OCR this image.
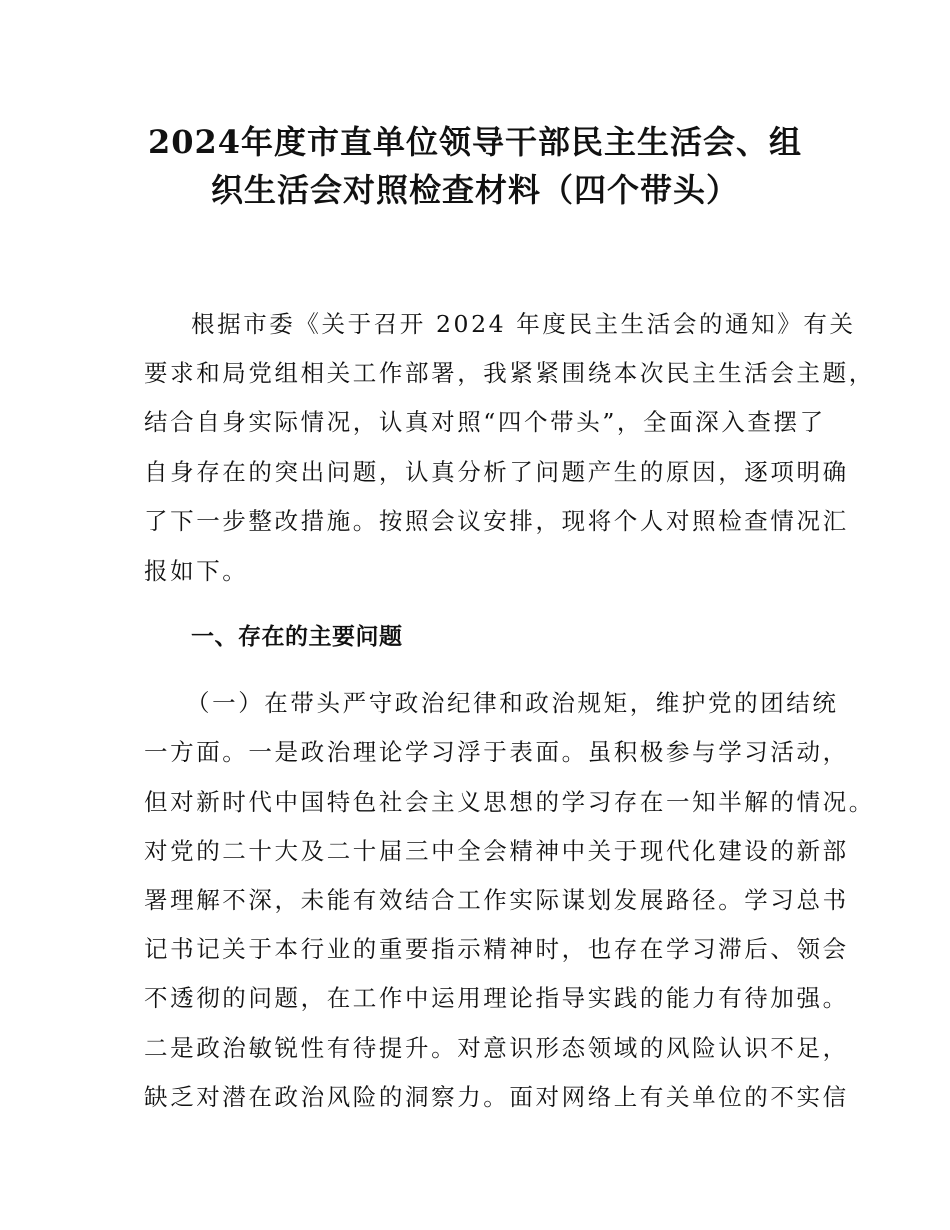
2024年度市直单位领导干部民主生活会、组
织生活会对照检查材料（四个带头）
根据市委《关于召开 2024 年度民主生活会的通知》有关
要求和局党组相关工作部署，我紧紧围绕本次民主生活会主题，
结合自身实际情况，认真对照“四个带头”，全面深入查摆了
自身存在的突出问题，认真分析了问题产生的原因，逐项明确
了下一步整改措施。按照会议安排，现将个人对照检查情况汇
报如下。
一、存在的主要问题
（一）在带头严守政治纪律和政治规矩，维护党的团结统
一方面。一是政治理论学习浮于表面。虽积极参与学习活动，
但对新时代中国特色社会主义思想的学习存在一知半解的情况。
对党的二十大及二十届三中全会精神中关于现代化建设的新部
署理解不深，未能有效结合工作实际谋划发展路径。学习总书
记书记关于本行业的重要指示精神时，也存在学习滞后、领会
不透彻的问题，在工作中运用理论指导实践的能力有待加强。
二是政治敏锐性有待提升。对意识形态领域的风险认识不足，
缺乏对潜在政治风险的洞察力。面对网络上有关单位的不实信
